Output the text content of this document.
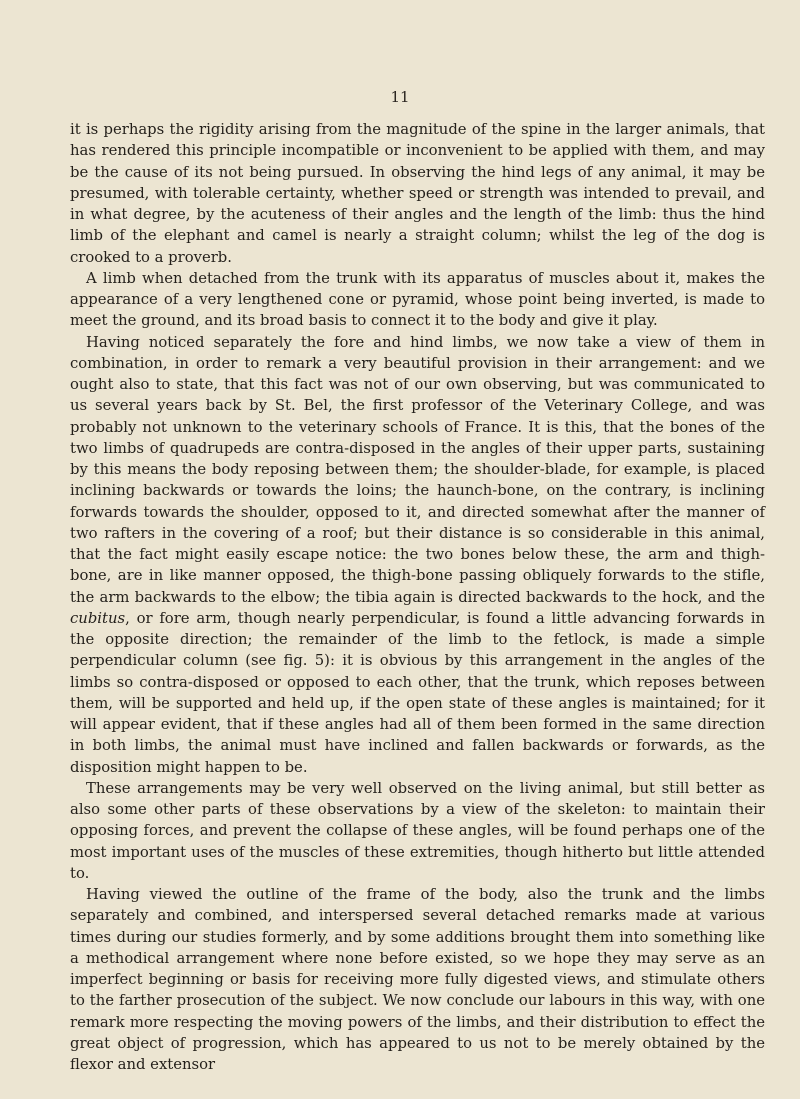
11

it is perhaps the rigidity arising from the magnitude of the spine in the larger animals, that has rendered this principle incompatible or inconvenient to be applied with them, and may be the cause of its not being pursued. In observing the hind legs of any animal, it may be presumed, with tolerable certainty, whether speed or strength was intended to prevail, and in what degree, by the acuteness of their angles and the length of the limb: thus the hind limb of the elephant and camel is nearly a straight column; whilst the leg of the dog is crooked to a proverb.

A limb when detached from the trunk with its apparatus of muscles about it, makes the appearance of a very lengthened cone or pyramid, whose point being inverted, is made to meet the ground, and its broad basis to connect it to the body and give it play.

Having noticed separately the fore and hind limbs, we now take a view of them in combination, in order to remark a very beautiful provision in their arrangement: and we ought also to state, that this fact was not of our own observing, but was communicated to us several years back by St. Bel, the first professor of the Veterinary College, and was probably not unknown to the veterinary schools of France. It is this, that the bones of the two limbs of quadrupeds are contra-disposed in the angles of their upper parts, sustaining by this means the body reposing between them; the shoulder-blade, for example, is placed inclining backwards or towards the loins; the haunch-bone, on the contrary, is inclining forwards towards the shoulder, opposed to it, and directed somewhat after the manner of two rafters in the covering of a roof; but their distance is so considerable in this animal, that the fact might easily escape notice: the two bones below these, the arm and thigh-bone, are in like manner opposed, the thigh-bone passing obliquely forwards to the stifle, the arm backwards to the elbow; the tibia again is directed backwards to the hock, and the cubitus, or fore arm, though nearly perpendicular, is found a little advancing forwards in the opposite direction; the remainder of the limb to the fetlock, is made a simple perpendicular column (see fig. 5): it is obvious by this arrangement in the angles of the limbs so contra-disposed or opposed to each other, that the trunk, which reposes between them, will be supported and held up, if the open state of these angles is maintained; for it will appear evident, that if these angles had all of them been formed in the same direction in both limbs, the animal must have inclined and fallen backwards or forwards, as the disposition might happen to be.

These arrangements may be very well observed on the living animal, but still better as also some other parts of these observations by a view of the skeleton: to maintain their opposing forces, and prevent the collapse of these angles, will be found perhaps one of the most important uses of the muscles of these extremities, though hitherto but little attended to.

Having viewed the outline of the frame of the body, also the trunk and the limbs separately and combined, and interspersed several detached remarks made at various times during our studies formerly, and by some additions brought them into something like a methodical arrangement where none before existed, so we hope they may serve as an imperfect beginning or basis for receiving more fully digested views, and stimulate others to the farther prosecution of the subject. We now conclude our labours in this way, with one remark more respecting the moving powers of the limbs, and their distribution to effect the great object of progression, which has appeared to us not to be merely obtained by the flexor and extensor
